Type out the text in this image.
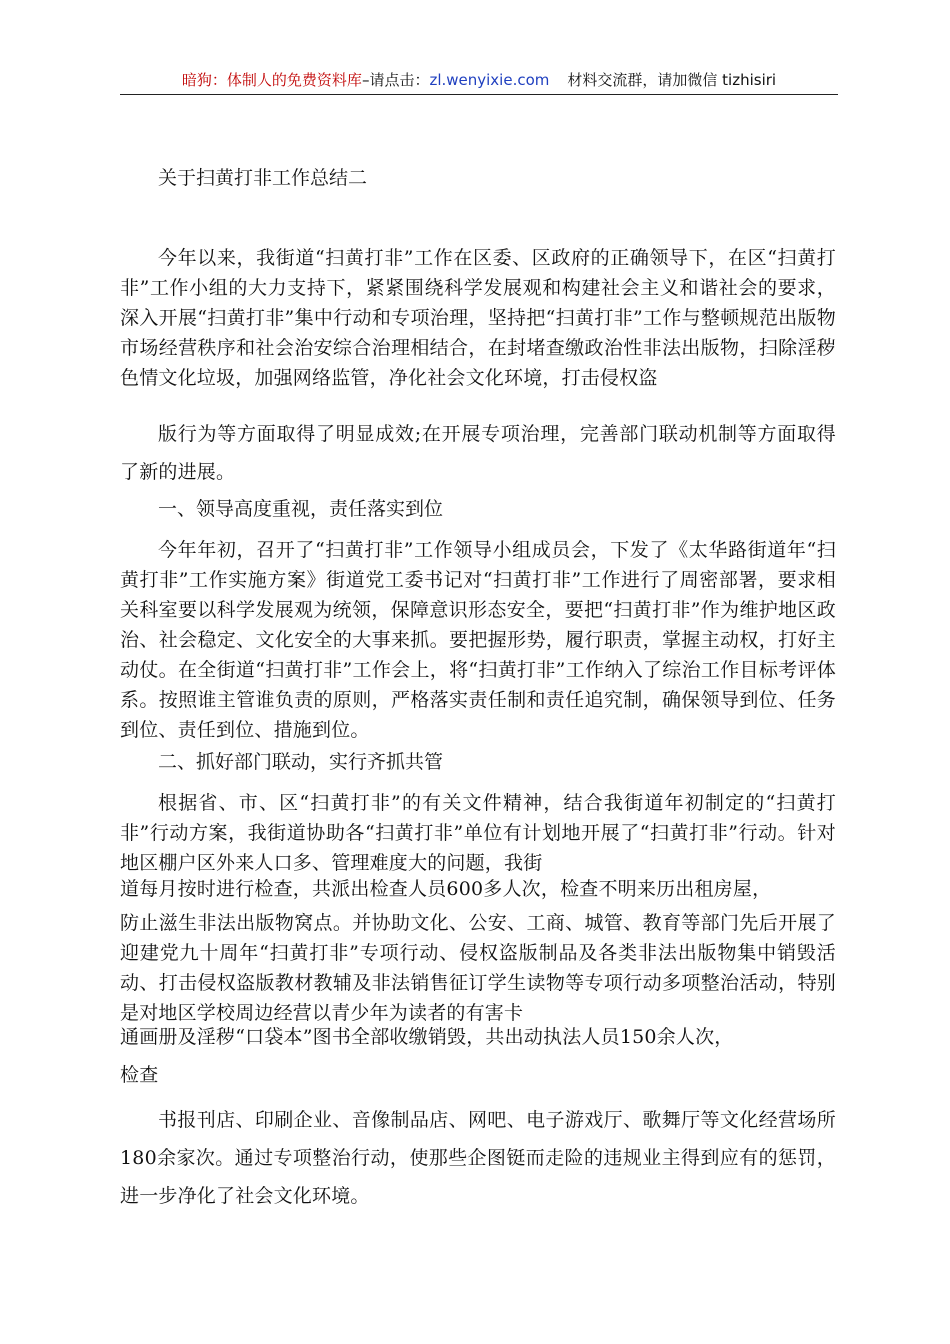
暗狗：体制人的免费资料库–请点击：zl.wenyixie.com 材料交流群，请加微信 tizhisiri
关于扫黄打非工作总结二
今年以来，我街道“扫黄打非”工作在区委、区政府的正确领导下，在区“扫黄打非”工作小组的大力支持下，紧紧围绕科学发展观和构建社会主义和谐社会的要求，深入开展“扫黄打非”集中行动和专项治理，坚持把“扫黄打非”工作与整顿规范出版物市场经营秩序和社会治安综合治理相结合，在封堵查缴政治性非法出版物，扫除淫秽色情文化垃圾，加强网络监管，净化社会文化环境，打击侵权盗
版行为等方面取得了明显成效;在开展专项治理，完善部门联动机制等方面取得了新的进展。
一、领导高度重视，责任落实到位
今年年初，召开了“扫黄打非”工作领导小组成员会，下发了《太华路街道年“扫黄打非”工作实施方案》街道党工委书记对“扫黄打非”工作进行了周密部署，要求相关科室要以科学发展观为统领，保障意识形态安全，要把“扫黄打非”作为维护地区政治、社会稳定、文化安全的大事来抓。要把握形势，履行职责，掌握主动权，打好主动仗。在全街道“扫黄打非”工作会上，将“扫黄打非”工作纳入了综治工作目标考评体系。按照谁主管谁负责的原则，严格落实责任制和责任追究制，确保领导到位、任务到位、责任到位、措施到位。
二、抓好部门联动，实行齐抓共管
根据省、市、区“扫黄打非”的有关文件精神，结合我街道年初制定的“扫黄打非”行动方案，我街道协助各“扫黄打非”单位有计划地开展了“扫黄打非”行动。针对地区棚户区外来人口多、管理难度大的问题，我街
道每月按时进行检查，共派出检查人员600多人次，检查不明来历出租房屋，
防止滋生非法出版物窝点。并协助文化、公安、工商、城管、教育等部门先后开展了迎建党九十周年“扫黄打非”专项行动、侵权盗版制品及各类非法出版物集中销毁活动、打击侵权盗版教材教辅及非法销售征订学生读物等专项行动多项整治活动，特别是对地区学校周边经营以青少年为读者的有害卡
通画册及淫秽“口袋本”图书全部收缴销毁，共出动执法人员150余人次，
检查
书报刊店、印刷企业、音像制品店、网吧、电子游戏厅、歌舞厅等文化经营场所180余家次。通过专项整治行动，使那些企图铤而走险的违规业主得到应有的惩罚，进一步净化了社会文化环境。
